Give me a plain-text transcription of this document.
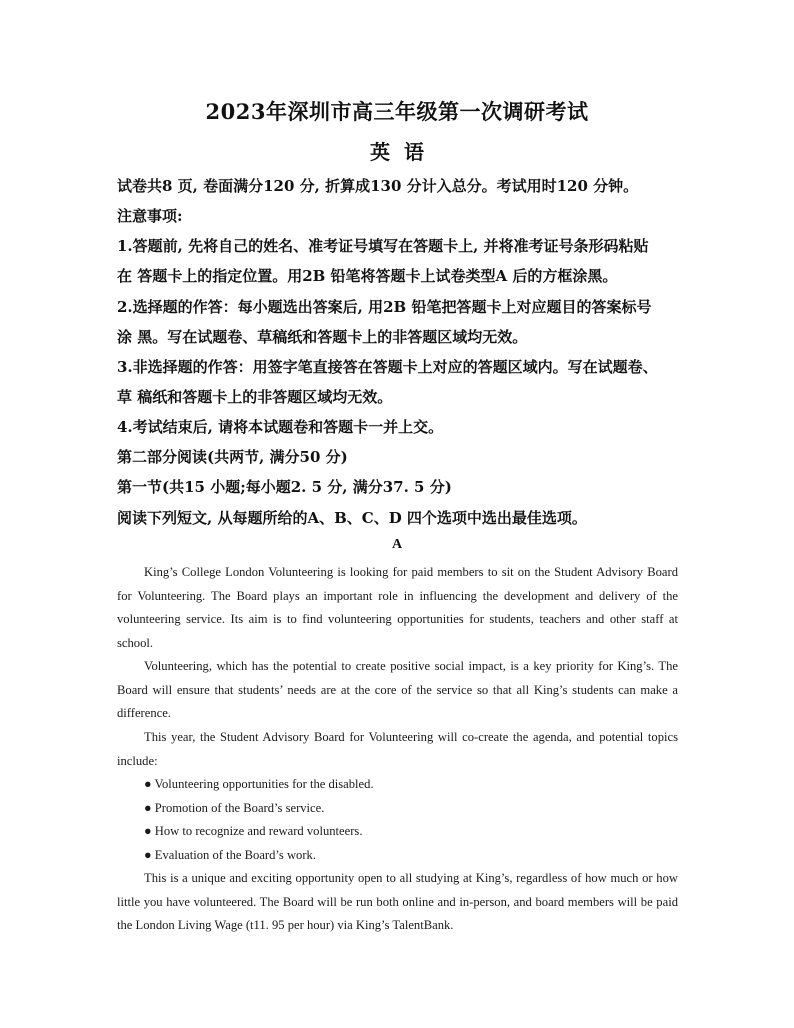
2023年深圳市高三年级第一次调研考试
英语
试卷共8 页, 卷面满分120 分, 折算成130 分计入总分。考试用时120 分钟。
注意事项:
1.答题前, 先将自己的姓名、准考证号填写在答题卡上, 并将准考证号条形码粘贴
在 答题卡上的指定位置。用2B 铅笔将答题卡上试卷类型A 后的方框涂黑。
2.选择题的作答：每小题选出答案后, 用2B 铅笔把答题卡上对应题目的答案标号
涂 黑。写在试题卷、草稿纸和答题卡上的非答题区域均无效。
3.非选择题的作答：用签字笔直接答在答题卡上对应的答题区域内。写在试题卷、
草 稿纸和答题卡上的非答题区域均无效。
4.考试结束后, 请将本试题卷和答题卡一并上交。
第二部分阅读(共两节, 满分50 分)
第一节(共15 小题;每小题2. 5 分, 满分37. 5 分)
阅读下列短文, 从每题所给的A、B、C、D 四个选项中选出最佳选项。
A

King’s College London Volunteering is looking for paid members to sit on the Student Advisory Board for Volunteering. The Board plays an important role in influencing the development and delivery of the volunteering service. Its aim is to find volunteering opportunities for students, teachers and other staff at school.

Volunteering, which has the potential to create positive social impact, is a key priority for King’s. The Board will ensure that students’ needs are at the core of the service so that all King’s students can make a difference.

This year, the Student Advisory Board for Volunteering will co-create the agenda, and potential topics include:

● Volunteering opportunities for the disabled.
● Promotion of the Board’s service.
● How to recognize and reward volunteers.
● Evaluation of the Board’s work.

This is a unique and exciting opportunity open to all studying at King’s, regardless of how much or how little you have volunteered. The Board will be run both online and in-person, and board members will be paid the London Living Wage (t11. 95 per hour) via King’s TalentBank.
